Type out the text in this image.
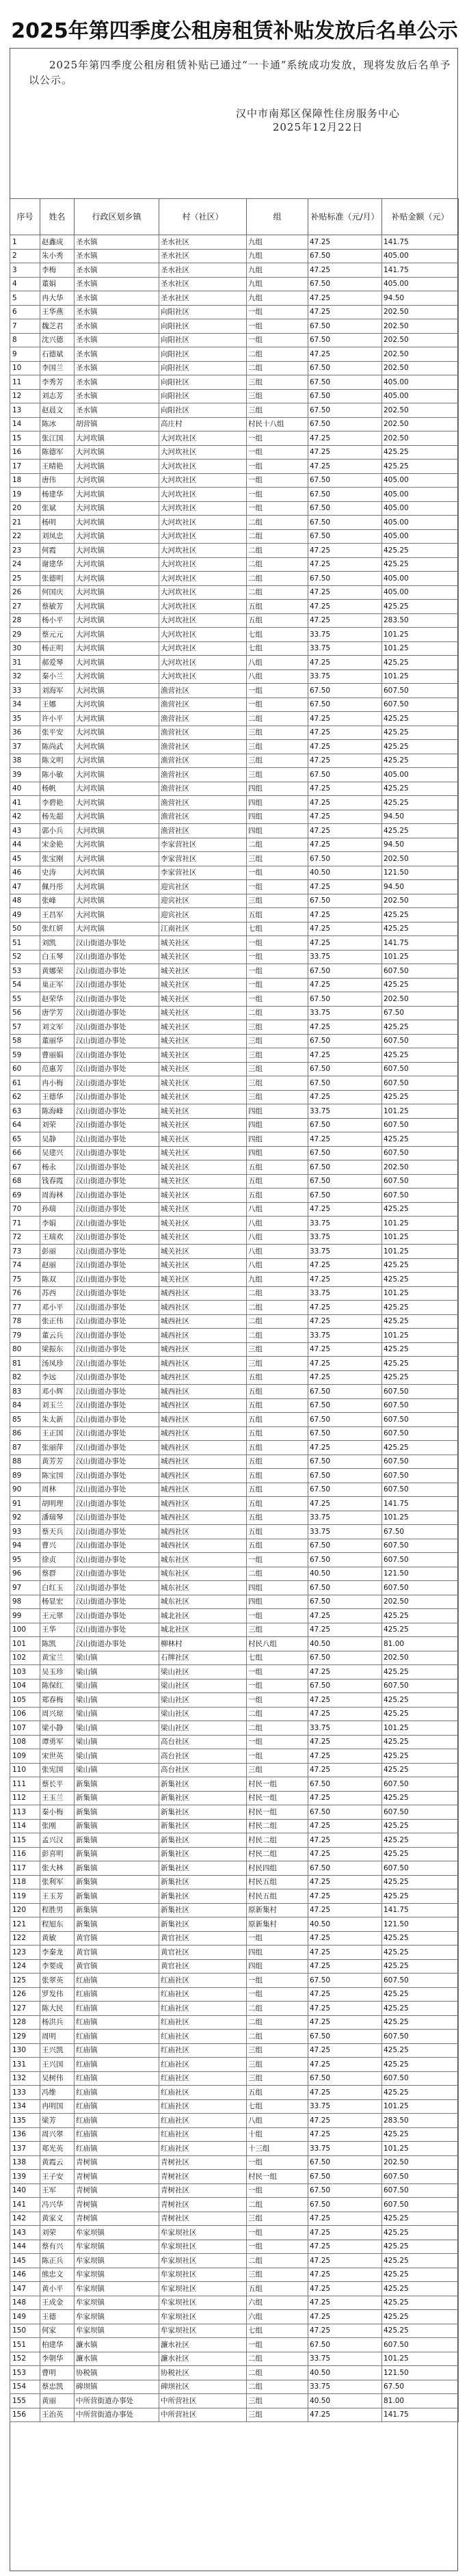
2025年第四季度公租房租赁补贴发放后名单公示

2025年第四季度公租房租赁补贴已通过“一卡通”系统成功发放，现将发放后名单予以公示。

汉中市南郑区保障性住房服务中心
2025年12月22日
序号	姓名	行政区划乡镇	村（社区）	组	补贴标准（元/月）	补贴金额（元）
1	赵鑫成	圣水镇	圣水社区	九组	47.25	141.75
2	朱小秀	圣水镇	圣水社区	九组	67.50	405.00
3	李梅	圣水镇	圣水社区	九组	47.25	141.75
4	董娟	圣水镇	圣水社区	九组	67.50	405.00
5	冉大华	圣水镇	圣水社区	九组	47.25	94.50
6	王华燕	圣水镇	向阳社区	一组	47.25	202.50
7	魏芝君	圣水镇	向阳社区	一组	67.50	202.50
8	沈兴德	圣水镇	向阳社区	一组	67.50	202.50
9	石德斌	圣水镇	向阳社区	二组	47.25	202.50
10	李国兰	圣水镇	向阳社区	二组	67.50	202.50
11	李秀芳	圣水镇	向阳社区	三组	67.50	405.00
12	刘志芳	圣水镇	向阳社区	三组	67.50	405.00
13	赵晨文	圣水镇	向阳社区	三组	67.50	202.50
14	陈冰	胡营镇	高庄村	村民十八组	67.50	202.50
15	张江国	大河坎镇	大河坎社区	一组	47.25	202.50
16	陈德军	大河坎镇	大河坎社区	一组	47.25	425.25
17	王晴艳	大河坎镇	大河坎社区	一组	47.25	425.25
18	唐伟	大河坎镇	大河坎社区	一组	67.50	405.00
19	杨建华	大河坎镇	大河坎社区	一组	67.50	405.00
20	张斌	大河坎镇	大河坎社区	一组	67.50	405.00
21	杨明	大河坎镇	大河坎社区	二组	67.50	405.00
22	刘凤忠	大河坎镇	大河坎社区	二组	67.50	405.00
23	何霞	大河坎镇	大河坎社区	二组	47.25	425.25
24	谢建华	大河坎镇	大河坎社区	二组	47.25	425.25
25	张德明	大河坎镇	大河坎社区	二组	67.50	405.00
26	何国庆	大河坎镇	大河坎社区	二组	47.25	405.00
27	蔡敏芳	大河坎镇	大河坎社区	五组	47.25	425.25
28	杨小平	大河坎镇	大河坎社区	五组	47.25	283.50
29	蔡元元	大河坎镇	大河坎社区	七组	33.75	101.25
30	杨正明	大河坎镇	大河坎社区	七组	33.75	101.25
31	郝爱琴	大河坎镇	大河坎社区	八组	47.25	425.25
32	秦小兰	大河坎镇	大河坎社区	八组	33.75	101.25
33	刘海军	大河坎镇	渔营社区	一组	67.50	607.50
34	王娜	大河坎镇	渔营社区	一组	67.50	607.50
35	许小平	大河坎镇	渔营社区	二组	47.25	425.25
36	张平安	大河坎镇	渔营社区	三组	47.25	425.25
37	陈尚武	大河坎镇	渔营社区	三组	47.25	425.25
38	陈文明	大河坎镇	渔营社区	三组	47.25	425.25
39	陈小敏	大河坎镇	渔营社区	三组	67.50	405.00
40	杨帆	大河坎镇	渔营社区	四组	47.25	425.25
41	李碧艳	大河坎镇	渔营社区	四组	47.25	425.25
42	杨先超	大河坎镇	渔营社区	四组	47.25	94.50
43	郭小兵	大河坎镇	渔营社区	四组	47.25	425.25
44	宋金艳	大河坎镇	李家营社区	二组	47.25	94.50
45	张宝刚	大河坎镇	李家营社区	三组	67.50	202.50
46	史涛	大河坎镇	李家营社区	一组	40.50	121.50
47	佩丹彤	大河坎镇	迎宾社区	一组	47.25	94.50
48	张峰	大河坎镇	迎宾社区	三组	67.50	202.50
49	王昌军	大河坎镇	迎宾社区	五组	47.25	425.25
50	张红妍	大河坎镇	江南社区	七组	47.25	425.25
51	刘凯	汉山街道办事处	城关社区	一组	47.25	141.75
52	白玉琴	汉山街道办事处	城关社区	一组	33.75	101.25
53	黄娜荣	汉山街道办事处	城关社区	一组	67.50	607.50
54	巢正军	汉山街道办事处	城关社区	一组	47.25	425.25
55	赵荣华	汉山街道办事处	城关社区	一组	67.50	202.50
56	唐学芳	汉山街道办事处	城关社区	二组	33.75	67.50
57	刘文军	汉山街道办事处	城关社区	三组	47.25	425.25
58	董丽华	汉山街道办事处	城关社区	三组	67.50	607.50
59	曹丽娟	汉山街道办事处	城关社区	三组	47.25	425.25
60	范惠芳	汉山街道办事处	城关社区	三组	67.50	607.50
61	冉小梅	汉山街道办事处	城关社区	三组	67.50	607.50
62	王德华	汉山街道办事处	城关社区	三组	47.25	425.25
63	陈海峰	汉山街道办事处	城关社区	四组	33.75	101.25
64	刘荣	汉山街道办事处	城关社区	四组	67.50	607.50
65	吴静	汉山街道办事处	城关社区	四组	47.25	425.25
66	吴建兴	汉山街道办事处	城关社区	四组	67.50	607.50
67	杨永	汉山街道办事处	城关社区	五组	67.50	202.50
68	钱春霞	汉山街道办事处	城关社区	五组	67.50	607.50
69	周海林	汉山街道办事处	城关社区	五组	67.50	607.50
70	孙瑞	汉山街道办事处	城关社区	八组	47.25	425.25
71	李娟	汉山街道办事处	城关社区	八组	33.75	101.25
72	王瑞欢	汉山街道办事处	城关社区	八组	33.75	101.25
73	彭丽	汉山街道办事处	城关社区	八组	33.75	101.25
74	赵丽	汉山街道办事处	城关社区	八组	47.25	425.25
75	陈双	汉山街道办事处	城关社区	九组	47.25	425.25
76	苏西	汉山街道办事处	城西社区	二组	33.75	101.25
77	邓小平	汉山街道办事处	城西社区	二组	47.25	425.25
78	张正伟	汉山街道办事处	城西社区	二组	47.25	425.25
79	董云兵	汉山街道办事处	城西社区	二组	33.75	101.25
80	梁振东	汉山街道办事处	城西社区	三组	47.25	425.25
81	汤凤珍	汉山街道办事处	城西社区	三组	47.25	425.25
82	李远	汉山街道办事处	城西社区	五组	47.25	425.25
83	邓小辉	汉山街道办事处	城西社区	五组	67.50	607.50
84	刘玉兰	汉山街道办事处	城西社区	五组	67.50	607.50
85	朱太新	汉山街道办事处	城西社区	五组	67.50	607.50
86	王正国	汉山街道办事处	城西社区	五组	67.50	607.50
87	张丽萍	汉山街道办事处	城西社区	五组	47.25	425.25
88	黄芳芳	汉山街道办事处	城西社区	五组	67.50	607.50
89	陈宝国	汉山街道办事处	城西社区	五组	67.50	607.50
90	周林	汉山街道办事处	城西社区	五组	67.50	607.50
91	胡明理	汉山街道办事处	城西社区	五组	47.25	141.75
92	潘瑞琴	汉山街道办事处	城西社区	五组	33.75	101.25
93	蔡天兵	汉山街道办事处	城西社区	五组	33.75	67.50
94	曹兴	汉山街道办事处	城西社区	五组	67.50	607.50
95	徐贞	汉山街道办事处	城东社区	一组	67.50	607.50
96	蔡群	汉山街道办事处	城东社区	二组	40.50	121.50
97	白红玉	汉山街道办事处	城东社区	四组	67.50	607.50
98	杨显宏	汉山街道办事处	城东社区	四组	67.50	202.50
99	王元翠	汉山街道办事处	城北社区	一组	47.25	425.25
100	王华	汉山街道办事处	城北社区	三组	47.25	425.25
101	陈凯	汉山街道办事处	柳林村	村民八组	40.50	81.00
102	黄宝兰	梁山镇	石牌社区	七组	67.50	202.50
103	吴玉珍	梁山镇	梁山社区	一组	47.25	425.25
104	陈保红	梁山镇	梁山社区	一组	67.50	607.50
105	郑春梅	梁山镇	梁山社区	一组	47.25	425.25
106	周兴琼	梁山镇	梁山社区	二组	47.25	425.25
107	梁小静	梁山镇	梁山社区	二组	33.75	101.25
108	谭勇军	梁山镇	高台社区	一组	47.25	425.25
109	宋世英	梁山镇	高台社区	一组	47.25	425.25
110	张宪国	梁山镇	高台社区	三组	47.25	425.25
111	蔡长平	新集镇	新集社区	村民一组	67.50	607.50
112	王玉兰	新集镇	新集社区	村民一组	47.25	425.25
113	秦小梅	新集镇	新集社区	村民一组	67.50	607.50
114	张刚	新集镇	新集社区	村民二组	47.25	425.25
115	孟兴汉	新集镇	新集社区	村民二组	47.25	425.25
116	彭喜明	新集镇	新集社区	村民二组	47.25	425.25
117	张大林	新集镇	新集社区	村民四组	67.50	607.50
118	张利军	新集镇	新集社区	村民五组	47.25	425.25
119	王玉芳	新集镇	新集社区	村民五组	47.25	425.25
120	程胜男	新集镇	新集社区	原新集村	47.25	141.75
121	程旭东	新集镇	新集社区	原新集村	40.50	121.50
122	黄敏	黄官镇	黄官社区	一组	47.25	425.25
123	李秦龙	黄官镇	黄官社区	四组	47.25	425.25
124	李要成	黄官镇	黄官社区	四组	47.25	425.25
125	张翠英	红庙镇	红庙社区	一组	67.50	607.50
126	罗发伟	红庙镇	红庙社区	一组	47.25	425.25
127	陈大民	红庙镇	红庙社区	二组	47.25	425.25
128	杨洪兵	红庙镇	红庙社区	二组	47.25	425.25
129	周明	红庙镇	红庙社区	二组	67.50	607.50
130	王兴凯	红庙镇	红庙社区	三组	47.25	425.25
131	王兴国	红庙镇	红庙社区	三组	47.25	425.25
132	吴树伟	红庙镇	红庙社区	三组	67.50	607.50
133	冯维	红庙镇	红庙社区	五组	47.25	425.25
134	冉明国	红庙镇	红庙社区	七组	33.75	101.25
135	梁芳	红庙镇	红庙社区	八组	47.25	283.50
136	周兴翠	红庙镇	红庙社区	十组	47.25	425.25
137	郑光英	红庙镇	红庙社区	十三组	33.75	101.25
138	黄霞云	青树镇	青树社区	一组	67.50	202.50
139	王子安	青树镇	青树社区	村民一组	67.50	607.50
140	王军	青树镇	青树社区	一组	67.50	607.50
141	冯兴华	青树镇	青树社区	二组	67.50	607.50
142	黄家义	青树镇	青树社区	三组	47.25	425.25
143	刘荣	牟家坝镇	牟家坝社区	一组	47.25	425.25
144	蔡有兴	牟家坝镇	牟家坝社区	一组	47.25	425.25
145	陈正兵	牟家坝镇	牟家坝社区	二组	47.25	425.25
146	熊忠文	牟家坝镇	牟家坝社区	三组	47.25	425.25
147	黄小平	牟家坝镇	牟家坝社区	五组	47.25	425.25
148	王成金	牟家坝镇	牟家坝社区	六组	47.25	425.25
149	王德	牟家坝镇	牟家坝社区	六组	47.25	425.25
150	何家	牟家坝镇	牟家坝社区	七组	47.25	425.25
151	柏建华	濂水镇	濂水社区	一组	67.50	607.50
152	李朝华	濂水镇	濂水社区	二组	33.75	101.25
153	曹明	协税镇	协税社区	二组	40.50	121.50
154	蔡忠凯	碑坝镇	碑坝社区	二组	33.75	67.50
155	黄丽	中所营街道办事处	中所营社区	三组	40.50	81.00
156	王治英	中所营街道办事处	中所营社区	三组	47.25	141.75
